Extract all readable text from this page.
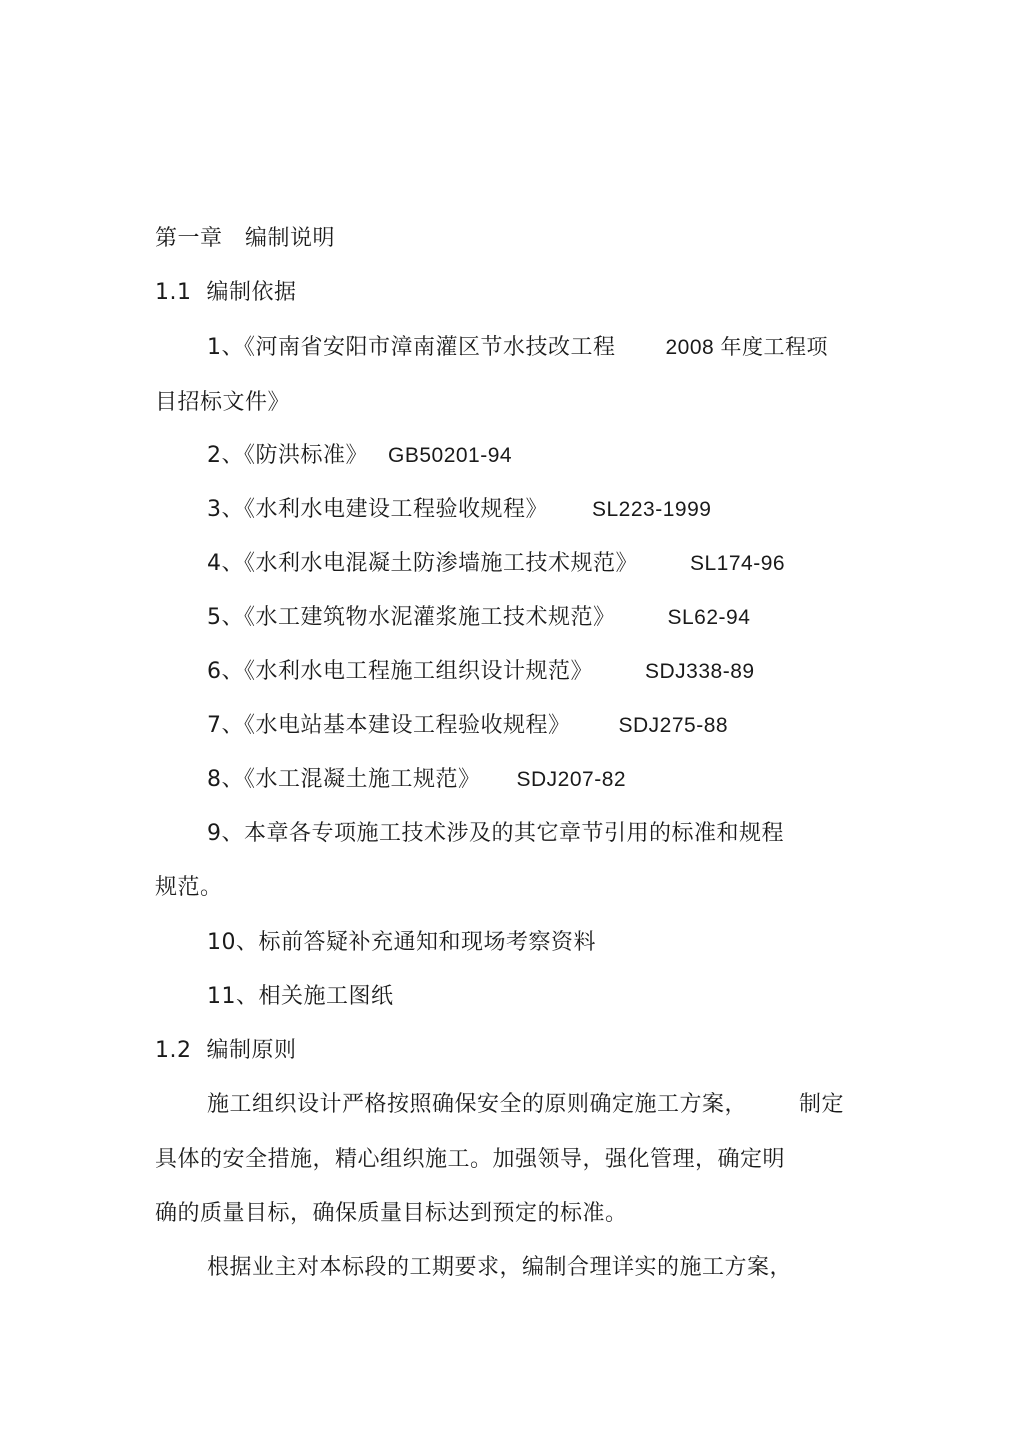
第一章　编制说明
1.1  编制依据
1、《河南省安阳市漳南灌区节水技改工程 2008 年度工程项
目招标文件》
2、《防洪标准》 GB50201-94
3、《水利水电建设工程验收规程》 SL223-1999
4、《水利水电混凝土防渗墙施工技术规范》 SL174-96
5、《水工建筑物水泥灌浆施工技术规范》 SL62-94
6、《水利水电工程施工组织设计规范》 SDJ338-89
7、《水电站基本建设工程验收规程》 SDJ275-88
8、《水工混凝土施工规范》 SDJ207-82
9、本章各专项施工技术涉及的其它章节引用的标准和规程
规范。
10、标前答疑补充通知和现场考察资料
11、相关施工图纸
1.2  编制原则
施工组织设计严格按照确保安全的原则确定施工方案， 制定
具体的安全措施，精心组织施工。加强领导，强化管理，确定明
确的质量目标，确保质量目标达到预定的标准。
根据业主对本标段的工期要求，编制合理详实的施工方案，
